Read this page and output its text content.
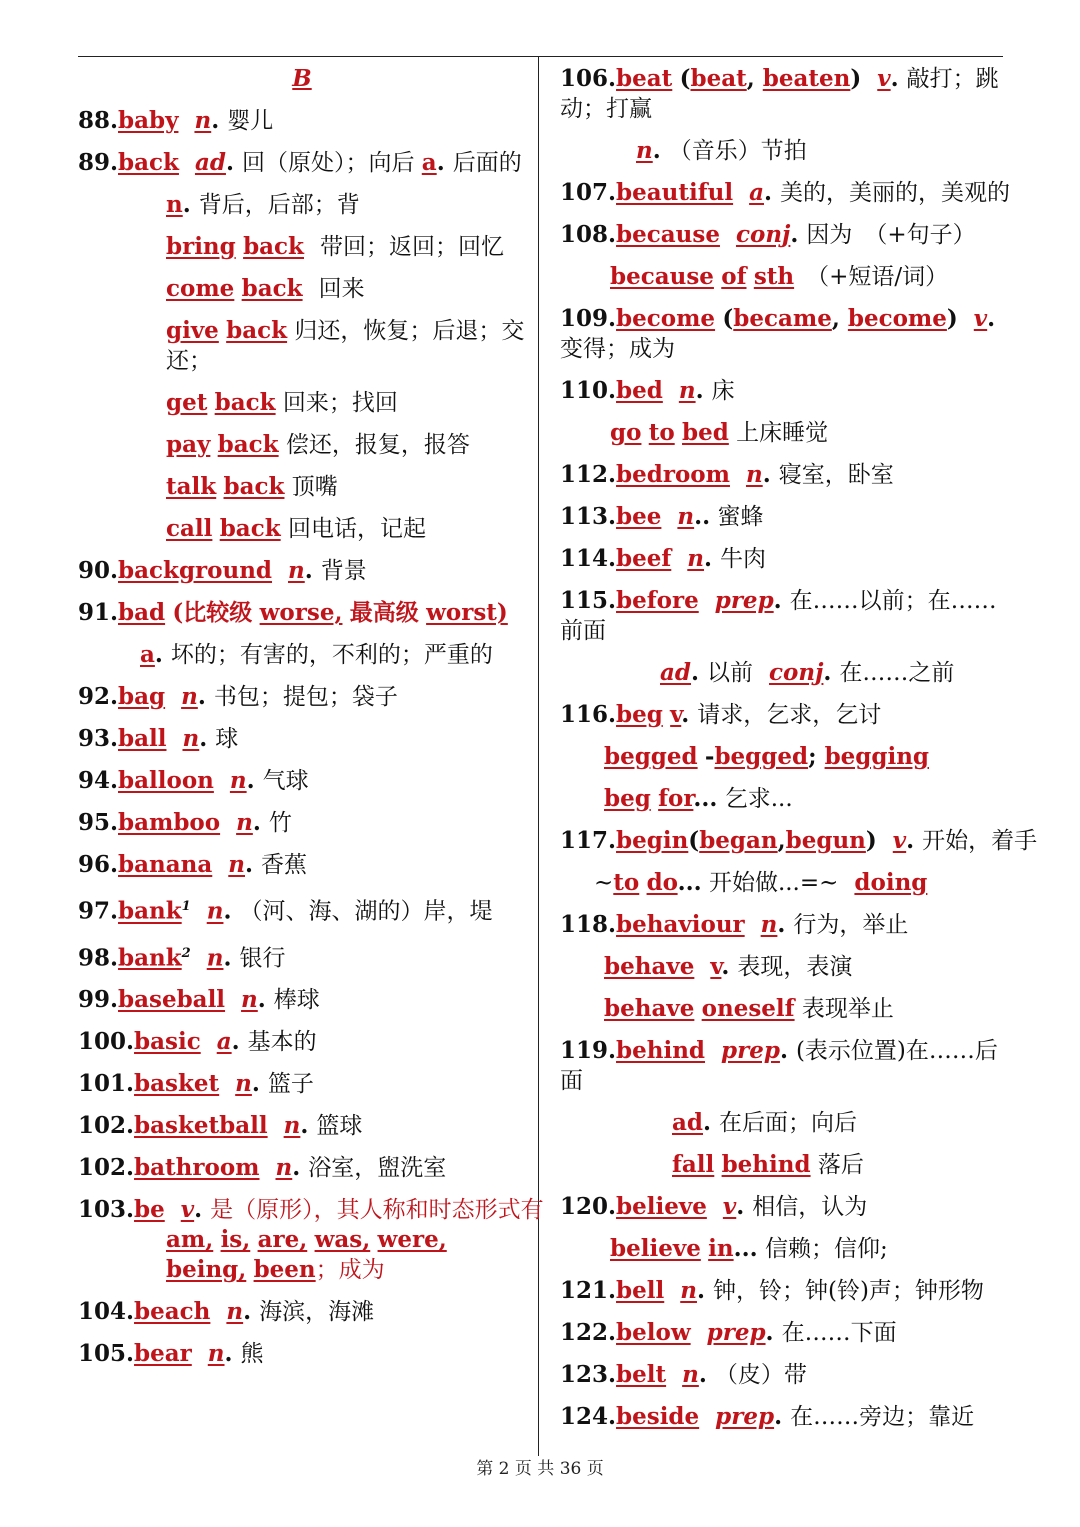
B
88.baby n. 婴儿
89.back ad. 回（原处）；向后 a. 后面的
n. 背后，后部；背
bring back 带回；返回；回忆
come back 回来
give back 归还，恢复；后退；交还；
get back 回来；找回
pay back 偿还，报复，报答
talk back 顶嘴
call back 回电话，记起
90.background n. 背景
91.bad (比较级 worse, 最高级 worst)
a. 坏的；有害的，不利的；严重的
92.bag n. 书包；提包；袋子
93.ball n. 球
94.balloon n. 气球
95.bamboo n. 竹
96.banana n. 香蕉
97.bank$^1$ n. （河、海、湖的）岸，堤
98.bank$^2$ n. 银行
99.baseball n. 棒球
100.basic a. 基本的
101.basket n. 篮子
102.basketball n. 篮球
102.bathroom n. 浴室，盥洗室
103.be v. 是（原形），其人称和时态形式有
am, is, are, was, were,
being, been；成为
104.beach n. 海滨，海滩
105.bear n. 熊
106.beat (beat, beaten) v. 敲打；跳动；打赢
n. （音乐）节拍
107.beautiful a. 美的，美丽的，美观的
108.because conj. 因为 （+句子）
because of sth （+短语/词）
109.become (became, become) v. 变得；成为
110.bed n. 床
go to bed 上床睡觉
112.bedroom n. 寝室，卧室
113.bee n.. 蜜蜂
114.beef n. 牛肉
115.before prep. 在……以前；在……前面
ad. 以前 conj. 在……之前
116.beg v. 请求，乞求，乞讨
begged -begged; begging
beg for... 乞求...
117.begin(began,begun) v. 开始，着手
~to do... 开始做...=~ doing
118.behaviour n. 行为，举止
behave v. 表现，表演
behave oneself 表现举止
119.behind prep. (表示位置)在……后面
ad. 在后面；向后
fall behind 落后
120.believe v. 相信，认为
believe in... 信赖；信仰;
121.bell n. 钟，铃；钟(铃)声；钟形物
122.below prep. 在……下面
123.belt n. （皮）带
124.beside prep. 在……旁边；靠近
第 2 页 共 36 页
